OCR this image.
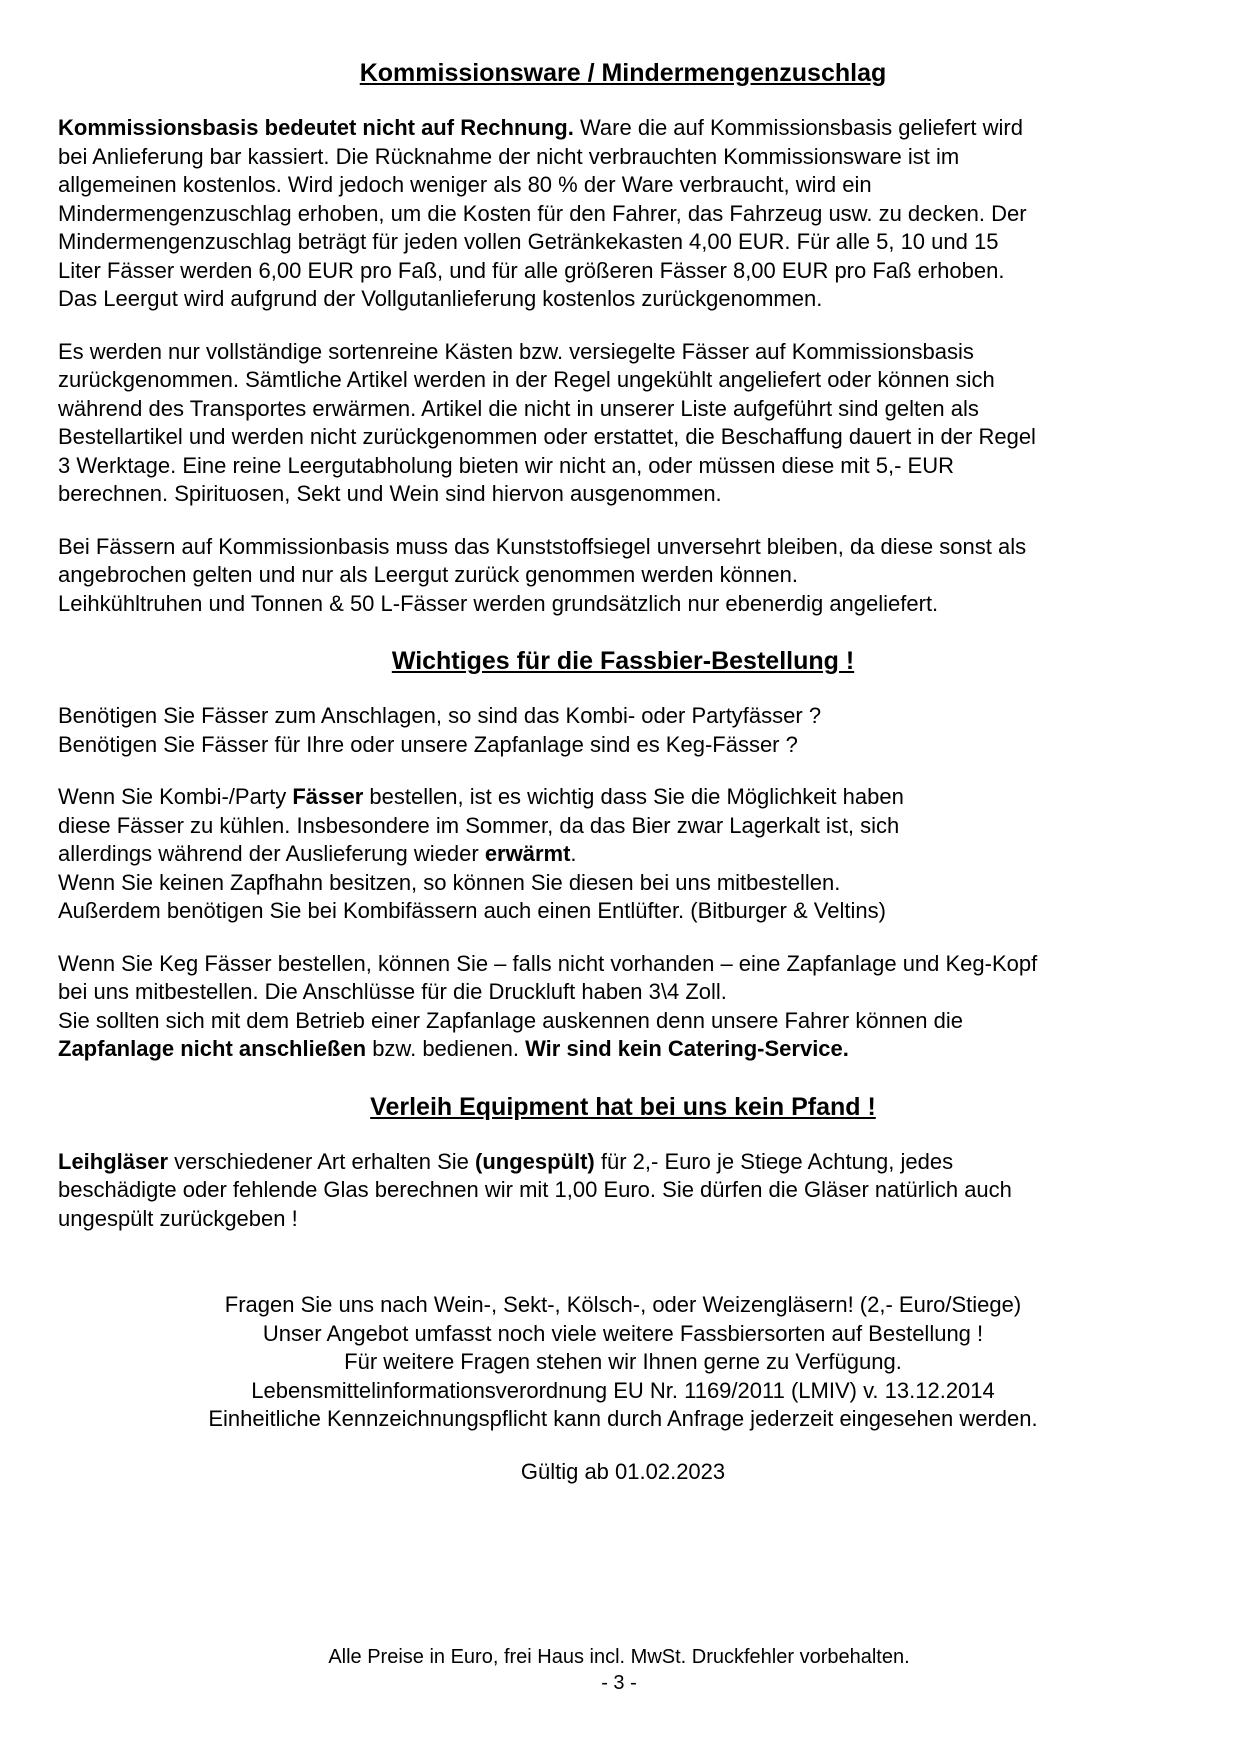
Kommissionsware / Mindermengenzuschlag

Kommissionsbasis bedeutet nicht auf Rechnung. Ware die auf Kommissionsbasis geliefert wird

bei Anlieferung bar kassiert. Die Rücknahme der nicht verbrauchten Kommissionsware ist im

allgemeinen kostenlos. Wird jedoch weniger als 80 % der Ware verbraucht, wird ein

Mindermengenzuschlag erhoben, um die Kosten für den Fahrer, das Fahrzeug usw. zu decken. Der

Mindermengenzuschlag beträgt für jeden vollen Getränkekasten 4,00 EUR. Für alle 5, 10 und 15

Liter Fässer werden 6,00 EUR pro Faß, und für alle größeren Fässer 8,00 EUR pro Faß erhoben.

Das Leergut wird aufgrund der Vollgutanlieferung kostenlos zurückgenommen.

Es werden nur vollständige sortenreine Kästen bzw. versiegelte Fässer auf Kommissionsbasis

zurückgenommen. Sämtliche Artikel werden in der Regel ungekühlt angeliefert oder können sich

während des Transportes erwärmen. Artikel die nicht in unserer Liste aufgeführt sind gelten als

Bestellartikel und werden nicht zurückgenommen oder erstattet, die Beschaffung dauert in der Regel

3 Werktage. Eine reine Leergutabholung bieten wir nicht an, oder müssen diese mit 5,- EUR

berechnen. Spirituosen, Sekt und Wein sind hiervon ausgenommen.

Bei Fässern auf Kommissionbasis muss das Kunststoffsiegel unversehrt bleiben, da diese sonst als

angebrochen gelten und nur als Leergut zurück genommen werden können.

Leihkühltruhen und Tonnen & 50 L-Fässer werden grundsätzlich nur ebenerdig angeliefert.

Wichtiges für die Fassbier-Bestellung !

Benötigen Sie Fässer zum Anschlagen, so sind das Kombi- oder Partyfässer ?

Benötigen Sie Fässer für Ihre oder unsere Zapfanlage sind es Keg-Fässer ?

Wenn Sie Kombi-/Party Fässer bestellen, ist es wichtig dass Sie die Möglichkeit haben

diese Fässer zu kühlen. Insbesondere im Sommer, da das Bier zwar Lagerkalt ist, sich

allerdings während der Auslieferung wieder erwärmt.

Wenn Sie keinen Zapfhahn besitzen, so können Sie diesen bei uns mitbestellen.

Außerdem benötigen Sie bei Kombifässern auch einen Entlüfter. (Bitburger & Veltins)

Wenn Sie Keg Fässer bestellen, können Sie – falls nicht vorhanden – eine Zapfanlage und Keg-Kopf

bei uns mitbestellen. Die Anschlüsse für die Druckluft haben 3\4 Zoll.

Sie sollten sich mit dem Betrieb einer Zapfanlage auskennen denn unsere Fahrer können die

Zapfanlage nicht anschließen bzw. bedienen. Wir sind kein Catering-Service.

Verleih Equipment hat bei uns kein Pfand !

Leihgläser verschiedener Art erhalten Sie (ungespült) für 2,- Euro je Stiege Achtung, jedes

beschädigte oder fehlende Glas berechnen wir mit 1,00 Euro. Sie dürfen die Gläser natürlich auch

ungespült zurückgeben !

Fragen Sie uns nach Wein-, Sekt-, Kölsch-, oder Weizengläsern! (2,- Euro/Stiege)

Unser Angebot umfasst noch viele weitere Fassbiersorten auf Bestellung !

Für weitere Fragen stehen wir Ihnen gerne zu Verfügung.

Lebensmittelinformationsverordnung EU Nr. 1169/2011 (LMIV) v. 13.12.2014

Einheitliche Kennzeichnungspflicht kann durch Anfrage jederzeit eingesehen werden.

Gültig ab 01.02.2023

Alle Preise in Euro, frei Haus incl. MwSt. Druckfehler vorbehalten.
- 3 -
